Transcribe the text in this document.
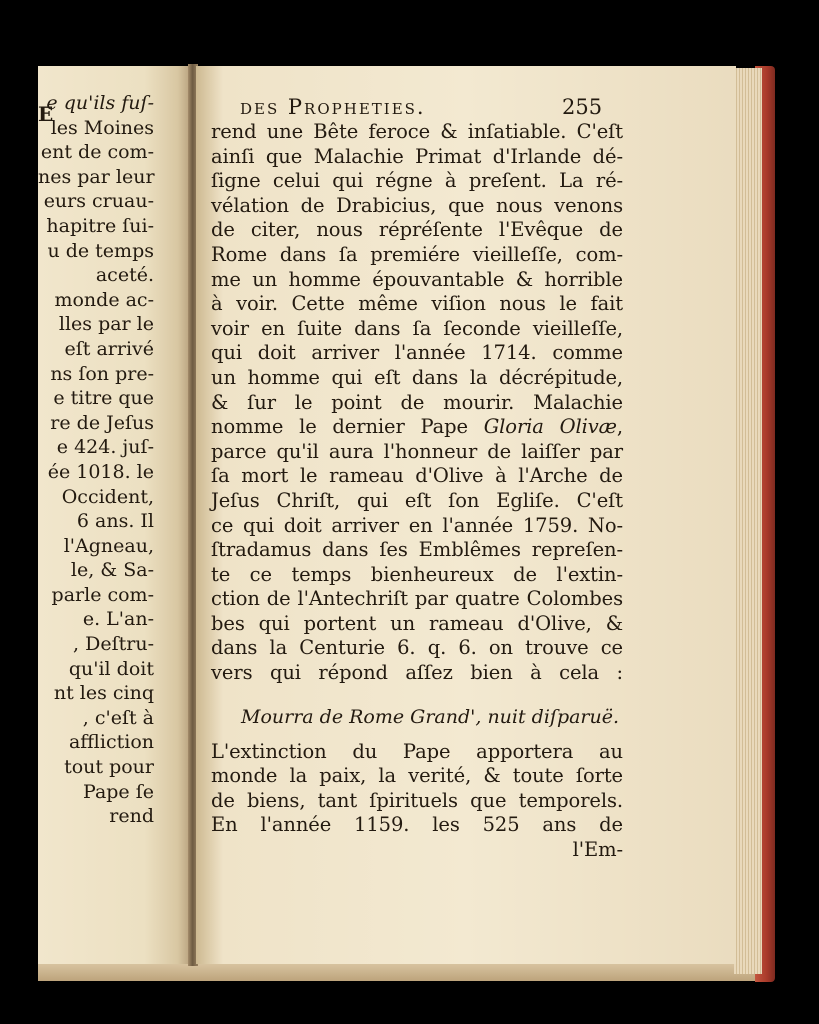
E
e qu'ils fuſ-
les Moines
ent de com-
nes par leur
eurs cruau-
hapitre ſui-
u de temps
aceté.
monde ac-
lles par le
eſt arrivé
ns ſon pre-
e titre que
re de Jeſus
e 424. juſ-
ée 1018. le
Occident,
6 ans. Il
l'Agneau,
le, & Sa-
parle com-
e. L'an-
, Deſtru-
qu'il doit
nt les cinq
, c'eſt à
affliction
tout pour
Pape ſe
rend
des Propheties.	255
rend une Bête feroce & inſatiable. C'eſt
ainſi que Malachie Primat d'Irlande dé-
ſigne celui qui régne à preſent. La ré-
vélation de Drabicius, que nous venons
de citer, nous répréſente l'Evêque de
Rome dans ſa premiére vieilleſſe, com-
me un homme épouvantable & horrible
à voir. Cette même viſion nous le fait
voir en ſuite dans ſa ſeconde vieilleſſe,
qui doit arriver l'année 1714. comme
un homme qui eſt dans la décrépitude,
& ſur le point de mourir. Malachie
nomme le dernier Pape Gloria Olivæ,
parce qu'il aura l'honneur de laiſſer par
ſa mort le rameau d'Olive à l'Arche de
Jeſus Chriſt, qui eſt ſon Egliſe. C'eſt
ce qui doit arriver en l'année 1759. No-
ſtradamus dans ſes Emblêmes repreſen-
te ce temps bienheureux de l'extin-
ction de l'Antechriſt par quatre Colombes
bes qui portent un rameau d'Olive, &
dans la Centurie 6. q. 6. on trouve ce
vers qui répond aſſez bien à cela :
Mourra de Rome Grand', nuit diſparuë.
L'extinction du Pape apportera au
monde la paix, la verité, & toute ſorte
de biens, tant ſpirituels que temporels.
En l'année 1159. les 525 ans de
l'Em-
